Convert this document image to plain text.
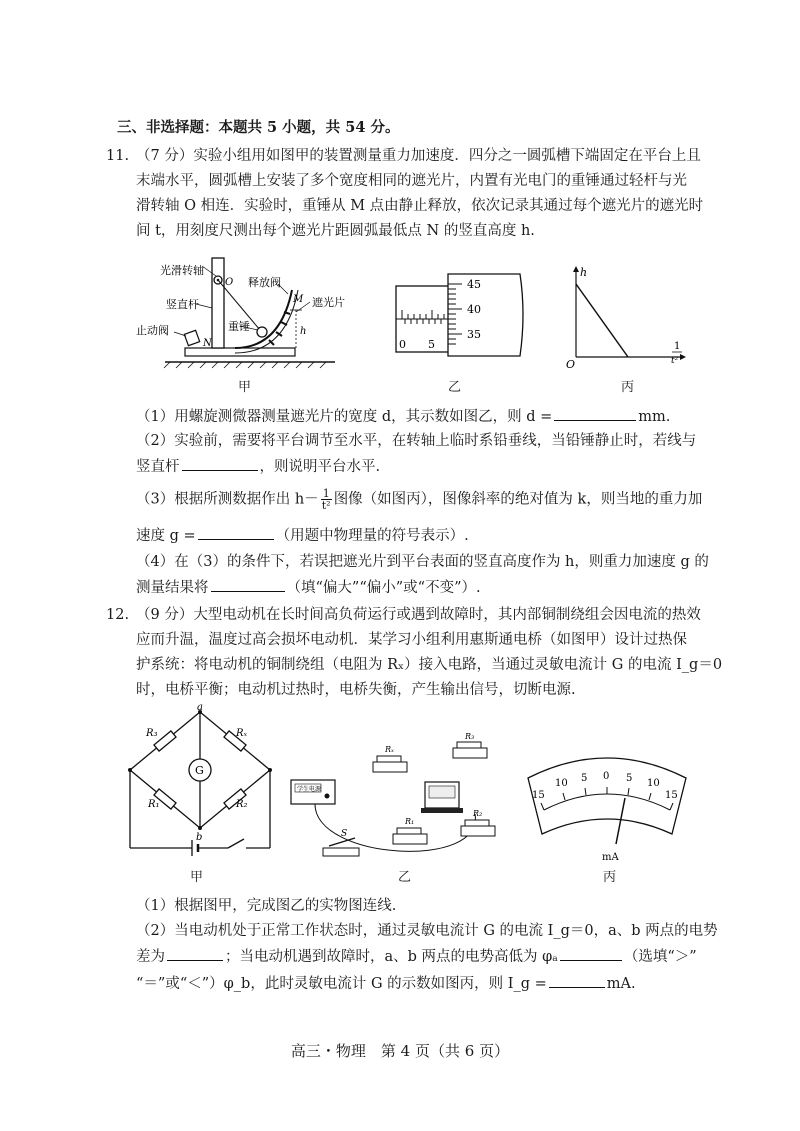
三、非选择题：本题共 5 小题，共 54 分。
11. （7 分）实验小组用如图甲的装置测量重力加速度．四分之一圆弧槽下端固定在平台上且
末端水平，圆弧槽上安装了多个宽度相同的遮光片，内置有光电门的重锤通过轻杆与光
滑转轴 O 相连．实验时，重锤从 M 点由静止释放，依次记录其通过每个遮光片的遮光时
间 t，用刻度尺测出每个遮光片距圆弧最低点 N 的竖直高度 h.
光滑转轴
O
竖直杆
释放阀
M 遮光片
止动阀	重锤
N
h
45
40
35
0 5
h
O
1
t²
甲	乙	丙
（1）用螺旋测微器测量遮光片的宽度 d，其示数如图乙，则 d =	mm.
（2）实验前，需要将平台调节至水平，在转轴上临时系铅垂线，当铅锤静止时，若线与
竖直杆	，则说明平台水平.
（3）根据所测数据作出 $h- \frac{1}{\text{t²}}$ 图像（如图丙），图像斜率的绝对值为 k，则当地的重力加
速度 g =	（用题中物理量的符号表示）.
（4）在（3）的条件下，若误把遮光片到平台表面的竖直高度作为 h，则重力加速度 g 的
测量结果将	（填“偏大”“偏小”或“不变”）.
12. （9 分）大型电动机在长时间高负荷运行或遇到故障时，其内部铜制绕组会因电流的热效
应而升温，温度过高会损坏电动机．某学习小组利用惠斯通电桥（如图甲）设计过热保
护系统：将电动机的铜制绕组（电阻为 Rₓ）接入电路，当通过灵敏电流计 G 的电流 I_g＝0
时，电桥平衡；电动机过热时，电桥失衡，产生输出信号，切断电源.
a
b
G
R₃	Rₓ
R₁	R₂
学生电源
S
Rₓ
R₃
R₁
R₂
15
10 5 0 5 10
15
mA
甲	乙	丙
（1）根据图甲，完成图乙的实物图连线.
（2）当电动机处于正常工作状态时，通过灵敏电流计 G 的电流 I_g＝0，a、b 两点的电势
差为	；当电动机遇到故障时，a、b 两点的电势高低为 φₐ	（选填“＞”
“＝”或“＜”）φ_b，此时灵敏电流计 G 的示数如图丙，则 I_g =	mA.
高三・物理　第 4 页（共 6 页）
